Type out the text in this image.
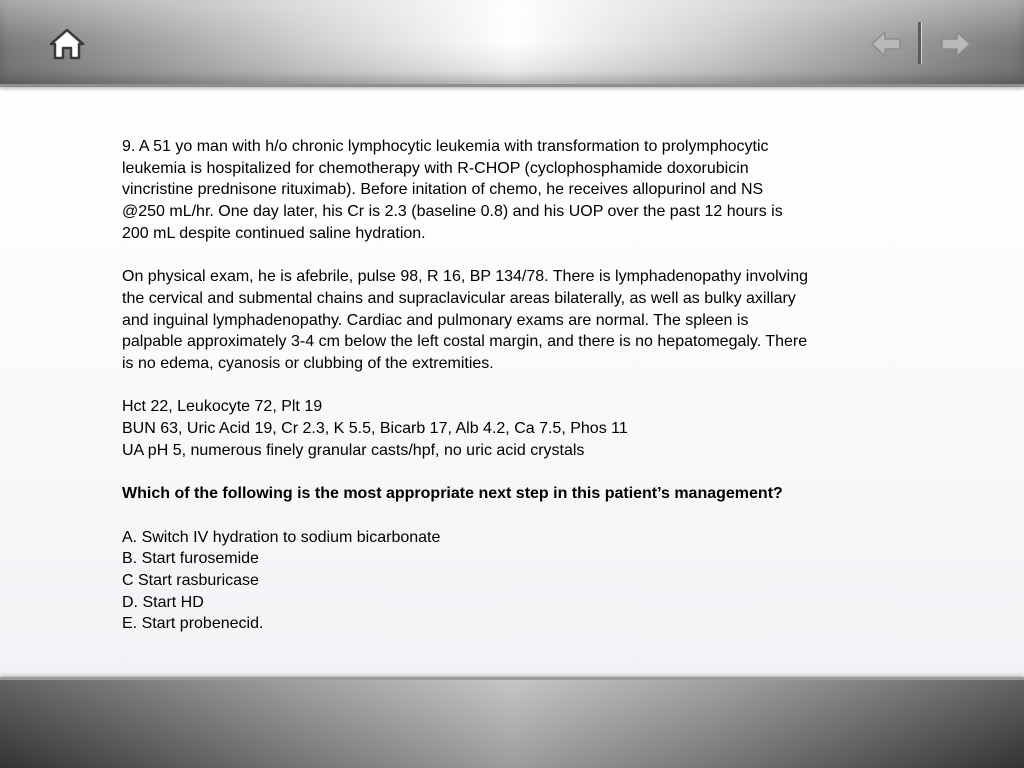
9. A 51 yo man with h/o chronic lymphocytic leukemia with transformation to prolymphocytic

leukemia is hospitalized for chemotherapy with R-CHOP (cyclophosphamide doxorubicin

vincristine prednisone rituximab). Before initation of chemo, he receives allopurinol and NS

@250 mL/hr. One day later, his Cr is 2.3 (baseline 0.8) and his UOP over the past 12 hours is

200 mL despite continued saline hydration.

On physical exam, he is afebrile, pulse 98, R 16, BP 134/78. There is lymphadenopathy involving

the cervical and submental chains and supraclavicular areas bilaterally, as well as bulky axillary

and inguinal lymphadenopathy. Cardiac and pulmonary exams are normal. The spleen is

palpable approximately 3-4 cm below the left costal margin, and there is no hepatomegaly. There

is no edema, cyanosis or clubbing of the extremities.

Hct 22, Leukocyte 72, Plt 19

BUN 63, Uric Acid 19, Cr 2.3, K 5.5, Bicarb 17, Alb 4.2, Ca 7.5, Phos 11

UA pH 5, numerous finely granular casts/hpf, no uric acid crystals

Which of the following is the most appropriate next step in this patient’s management?

A. Switch IV hydration to sodium bicarbonate

B. Start furosemide

C Start rasburicase

D. Start HD

E. Start probenecid.
